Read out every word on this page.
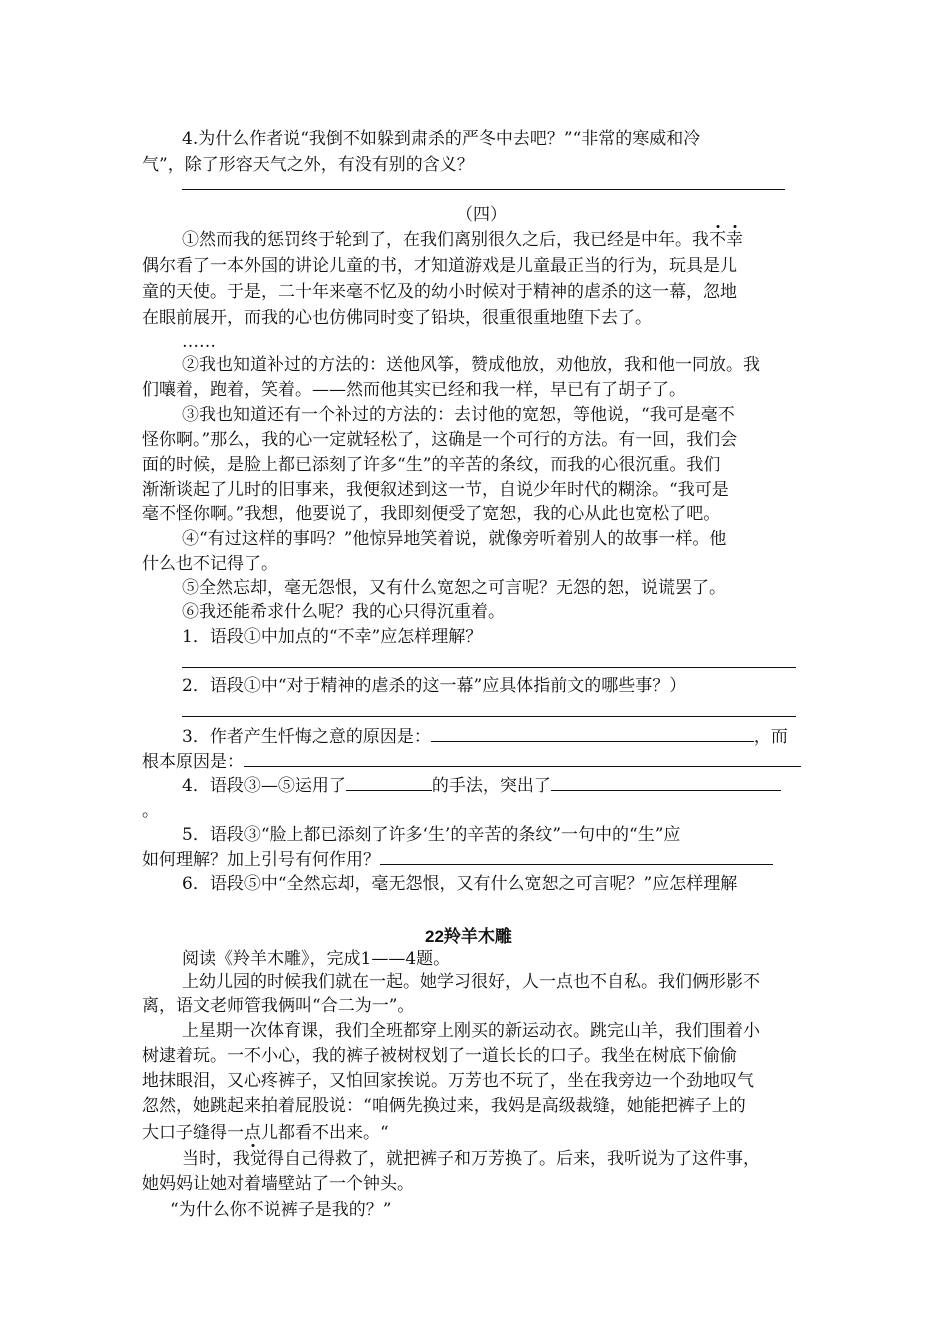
4.为什么作者说“我倒不如躲到肃杀的严冬中去吧？”“非常的寒威和冷
气”，除了形容天气之外，有没有别的含义？
（四）
①然而我的惩罚终于轮到了，在我们离别很久之后，我已经是中年。我不幸
偶尔看了一本外国的讲论儿童的书，才知道游戏是儿童最正当的行为，玩具是儿
童的天使。于是，二十年来毫不忆及的幼小时候对于精神的虐杀的这一幕，忽地
在眼前展开，而我的心也仿佛同时变了铅块，很重很重地堕下去了。
……
②我也知道补过的方法的：送他风筝，赞成他放，劝他放，我和他一同放。我
们嚷着，跑着，笑着。——然而他其实已经和我一样，早已有了胡子了。
③我也知道还有一个补过的方法的：去讨他的宽恕，等他说，“我可是毫不
怪你啊。”那么，我的心一定就轻松了，这确是一个可行的方法。有一回，我们会
面的时候，是脸上都已添刻了许多“生”的辛苦的条纹，而我的心很沉重。我们
渐渐谈起了儿时的旧事来，我便叙述到这一节，自说少年时代的糊涂。“我可是
毫不怪你啊。”我想，他要说了，我即刻便受了宽恕，我的心从此也宽松了吧。
④“有过这样的事吗？”他惊异地笑着说，就像旁听着别人的故事一样。他
什么也不记得了。
⑤全然忘却，毫无怨恨，又有什么宽恕之可言呢？无怨的恕，说谎罢了。
⑥我还能希求什么呢？我的心只得沉重着。
1．语段①中加点的“不幸”应怎样理解？
2．语段①中“对于精神的虐杀的这一幕”应具体指前文的哪些事？）
3．作者产生忏悔之意的原因是：	，而
根本原因是：
4．语段③—⑤运用了	的手法，突出了
。
5．语段③“脸上都已添刻了许多‘生’的辛苦的条纹”一句中的“生”应
如何理解？加上引号有何作用？
6．语段⑤中“全然忘却，毫无怨恨，又有什么宽恕之可言呢？”应怎样理解
22羚羊木雕
阅读《羚羊木雕》，完成1——4题。
上幼儿园的时候我们就在一起。她学习很好，人一点也不自私。我们俩形影不
离，语文老师管我俩叫“合二为一”。
上星期一次体育课，我们全班都穿上刚买的新运动衣。跳完山羊，我们围着小
树逮着玩。一不小心，我的裤子被树杈划了一道长长的口子。我坐在树底下偷偷
地抹眼泪，又心疼裤子，又怕回家挨说。万芳也不玩了，坐在我旁边一个劲地叹气
忽然，她跳起来拍着屁股说：“咱俩先换过来，我妈是高级裁缝，她能把裤子上的
大口子缝得一点儿都看不出来。“
当时，我觉得自己得救了，就把裤子和万芳换了。后来，我听说为了这件事，
她妈妈让她对着墙壁站了一个钟头。
“为什么你不说裤子是我的？”
